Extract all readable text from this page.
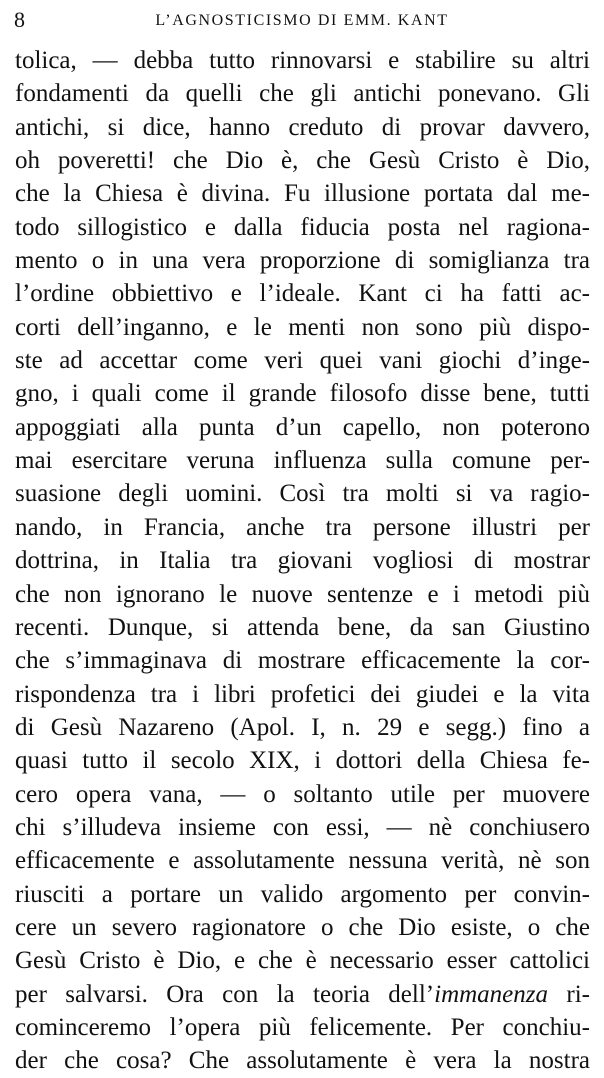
8	L’AGNOSTICISMO DI EMM. KANT
tolica, — debba tutto rinnovarsi e stabilire su altri
fondamenti da quelli che gli antichi ponevano. Gli
antichi, si dice, hanno creduto di provar davvero,
oh poveretti! che Dio è, che Gesù Cristo è Dio,
che la Chiesa è divina. Fu illusione portata dal me-
todo sillogistico e dalla fiducia posta nel ragiona-
mento o in una vera proporzione di somiglianza tra
l’ordine obbiettivo e l’ideale. Kant ci ha fatti ac-
corti dell’inganno, e le menti non sono più dispo-
ste ad accettar come veri quei vani giochi d’inge-
gno, i quali come il grande filosofo disse bene, tutti
appoggiati alla punta d’un capello, non poterono
mai esercitare veruna influenza sulla comune per-
suasione degli uomini. Così tra molti si va ragio-
nando, in Francia, anche tra persone illustri per
dottrina, in Italia tra giovani vogliosi di mostrar
che non ignorano le nuove sentenze e i metodi più
recenti. Dunque, si attenda bene, da san Giustino
che s’immaginava di mostrare efficacemente la cor-
rispondenza tra i libri profetici dei giudei e la vita
di Gesù Nazareno (Apol. I, n. 29 e segg.) fino a
quasi tutto il secolo XIX, i dottori della Chiesa fe-
cero opera vana, — o soltanto utile per muovere
chi s’illudeva insieme con essi, — nè conchiusero
efficacemente e assolutamente nessuna verità, nè son
riusciti a portare un valido argomento per convin-
cere un severo ragionatore o che Dio esiste, o che
Gesù Cristo è Dio, e che è necessario esser cattolici
per salvarsi. Ora con la teoria dell’immanenza ri-
cominceremo l’opera più felicemente. Per conchiu-
der che cosa? Che assolutamente è vera la nostra
